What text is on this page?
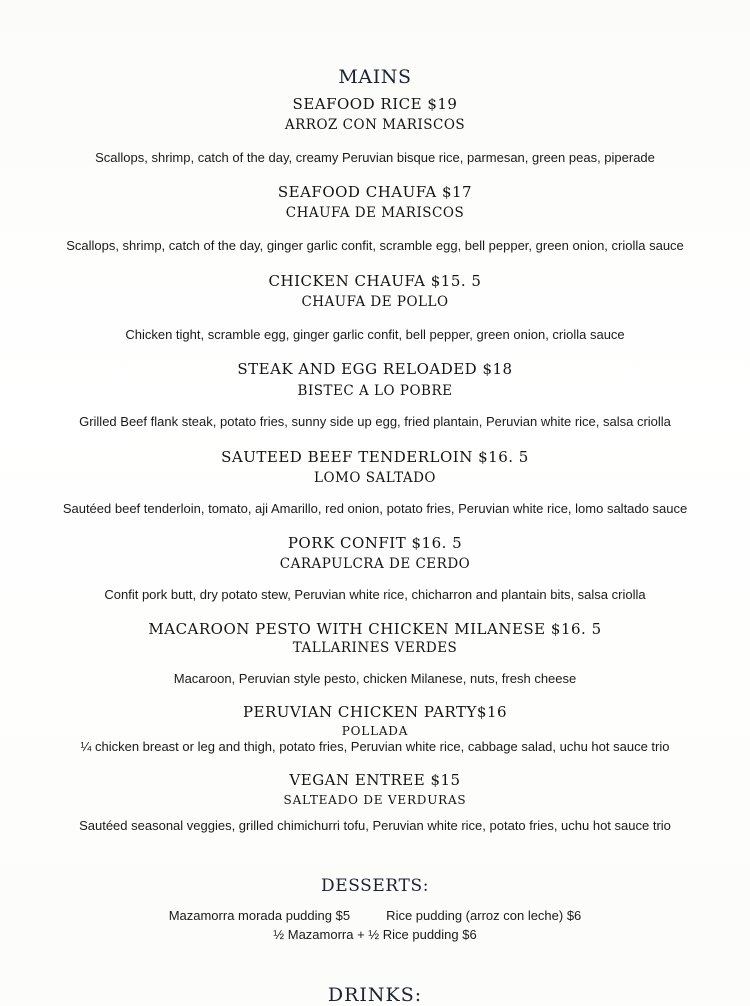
MAINS
SEAFOOD RICE $19
ARROZ CON MARISCOS
Scallops, shrimp, catch of the day, creamy Peruvian bisque rice, parmesan, green peas, piperade
SEAFOOD CHAUFA $17
CHAUFA DE MARISCOS
Scallops, shrimp, catch of the day, ginger garlic confit, scramble egg, bell pepper, green onion, criolla sauce
CHICKEN CHAUFA $15. 5
CHAUFA DE POLLO
Chicken tight, scramble egg, ginger garlic confit, bell pepper, green onion, criolla sauce
STEAK AND EGG RELOADED $18
BISTEC A LO POBRE
Grilled Beef flank steak, potato fries, sunny side up egg, fried plantain, Peruvian white rice, salsa criolla
SAUTEED BEEF TENDERLOIN $16. 5
LOMO SALTADO
Sautéed beef tenderloin, tomato, aji Amarillo, red onion, potato fries, Peruvian white rice, lomo saltado sauce
PORK CONFIT $16. 5
CARAPULCRA DE CERDO
Confit pork butt, dry potato stew, Peruvian white rice, chicharron and plantain bits, salsa criolla
MACAROON PESTO WITH CHICKEN MILANESE $16. 5
TALLARINES VERDES
Macaroon, Peruvian style pesto, chicken Milanese, nuts, fresh cheese
PERUVIAN CHICKEN PARTY$16
POLLADA
¼ chicken breast or leg and thigh, potato fries, Peruvian white rice, cabbage salad, uchu hot sauce trio
VEGAN ENTREE $15
SALTEADO DE VERDURAS
Sautéed seasonal veggies, grilled chimichurri tofu, Peruvian white rice, potato fries, uchu hot sauce trio
DESSERTS:
Mazamorra morada pudding $5          Rice pudding (arroz con leche) $6
½ Mazamorra + ½ Rice pudding $6
DRINKS:
